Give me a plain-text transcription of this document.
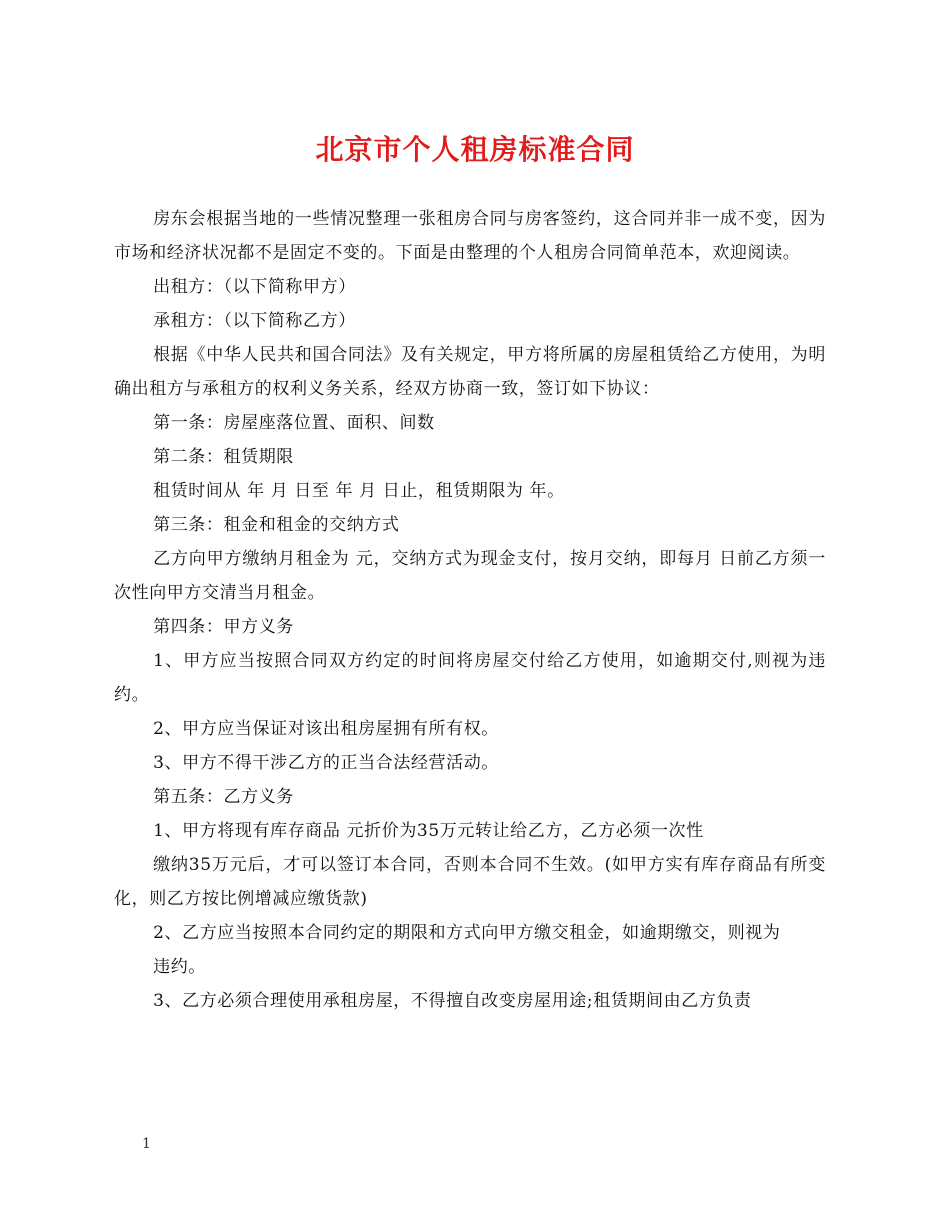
北京市个人租房标准合同

房东会根据当地的一些情况整理一张租房合同与房客签约，这合同并非一成不变，因为市场和经济状况都不是固定不变的。下面是由整理的个人租房合同简单范本，欢迎阅读。

出租方：（以下简称甲方）

承租方：（以下简称乙方）

根据《中华人民共和国合同法》及有关规定，甲方将所属的房屋租赁给乙方使用，为明确出租方与承租方的权利义务关系，经双方协商一致，签订如下协议：

第一条：房屋座落位置、面积、间数

第二条：租赁期限

租赁时间从 年 月 日至 年 月 日止，租赁期限为 年。

第三条：租金和租金的交纳方式

乙方向甲方缴纳月租金为 元，交纳方式为现金支付，按月交纳，即每月 日前乙方须一次性向甲方交清当月租金。

第四条：甲方义务

1、甲方应当按照合同双方约定的时间将房屋交付给乙方使用，如逾期交付,则视为违约。

2、甲方应当保证对该出租房屋拥有所有权。

3、甲方不得干涉乙方的正当合法经营活动。

第五条：乙方义务

1、甲方将现有库存商品 元折价为35万元转让给乙方，乙方必须一次性

缴纳35万元后，才可以签订本合同，否则本合同不生效。(如甲方实有库存商品有所变化，则乙方按比例增减应缴货款)

2、乙方应当按照本合同约定的期限和方式向甲方缴交租金，如逾期缴交，则视为

违约。

3、乙方必须合理使用承租房屋，不得擅自改变房屋用途;租赁期间由乙方负责

1
